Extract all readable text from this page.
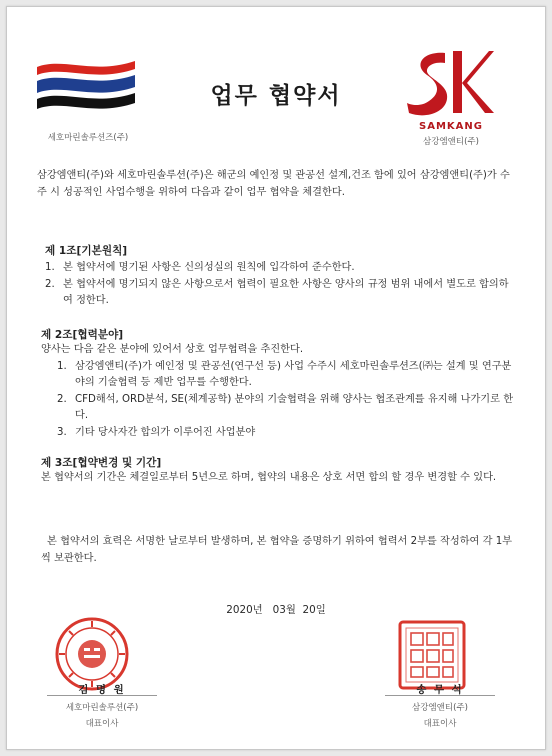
세호마린솔루션즈(주)
업무 협약서
SAMKANG
삼강엠앤티(주)
삼강엠앤티(주)와 세호마린솔루션(주)은 해군의 예인정 및 관공선 설계,건조 함에 있어 삼강엠앤티(주)가 수주 시 성공적인 사업수행을 위하여 다음과 같이 업무 협약을 체결한다.
제 1조[기본원칙]
1. 본 협약서에 명기된 사항은 신의성실의 원칙에 입각하여 준수한다.
2. 본 협약서에 명기되지 않은 사항으로서 협력이 필요한 사항은 양사의 규정 범위 내에서 별도로 합의하여 정한다.
제 2조[협력분야]
양사는 다음 같은 분야에 있어서 상호 업무협력을 추진한다.
1. 삼강엠앤티(주)가 예인정 및 관공선(연구선 등) 사업 수주시 세호마린솔루션즈(㈜는 설계 및 연구분야의 기술협력 등 제반 업무를 수행한다.
2. CFD해석, ORD분석, SE(체계공학) 분야의 기술협력을 위해 양사는 협조관계를 유지해 나가기로 한다.
3. 기타 당사자간 합의가 이루어진 사업분야
제 3조[협약변경 및 기간]
본 협약서의 기간은 체결일로부터 5년으로 하며, 협약의 내용은 상호 서면 합의 할 경우 변경할 수 있다.
본 협약서의 효력은 서명한 날로부터 발생하며, 본 협약을 증명하기 위하여 협력서 2부를 작성하여 각 1부씩 보관한다.
2020년   03월  20일
김 명 원
세호마린솔루션(주)
대표이사
송 무 석
삼강엠앤티(주)
대표이사
